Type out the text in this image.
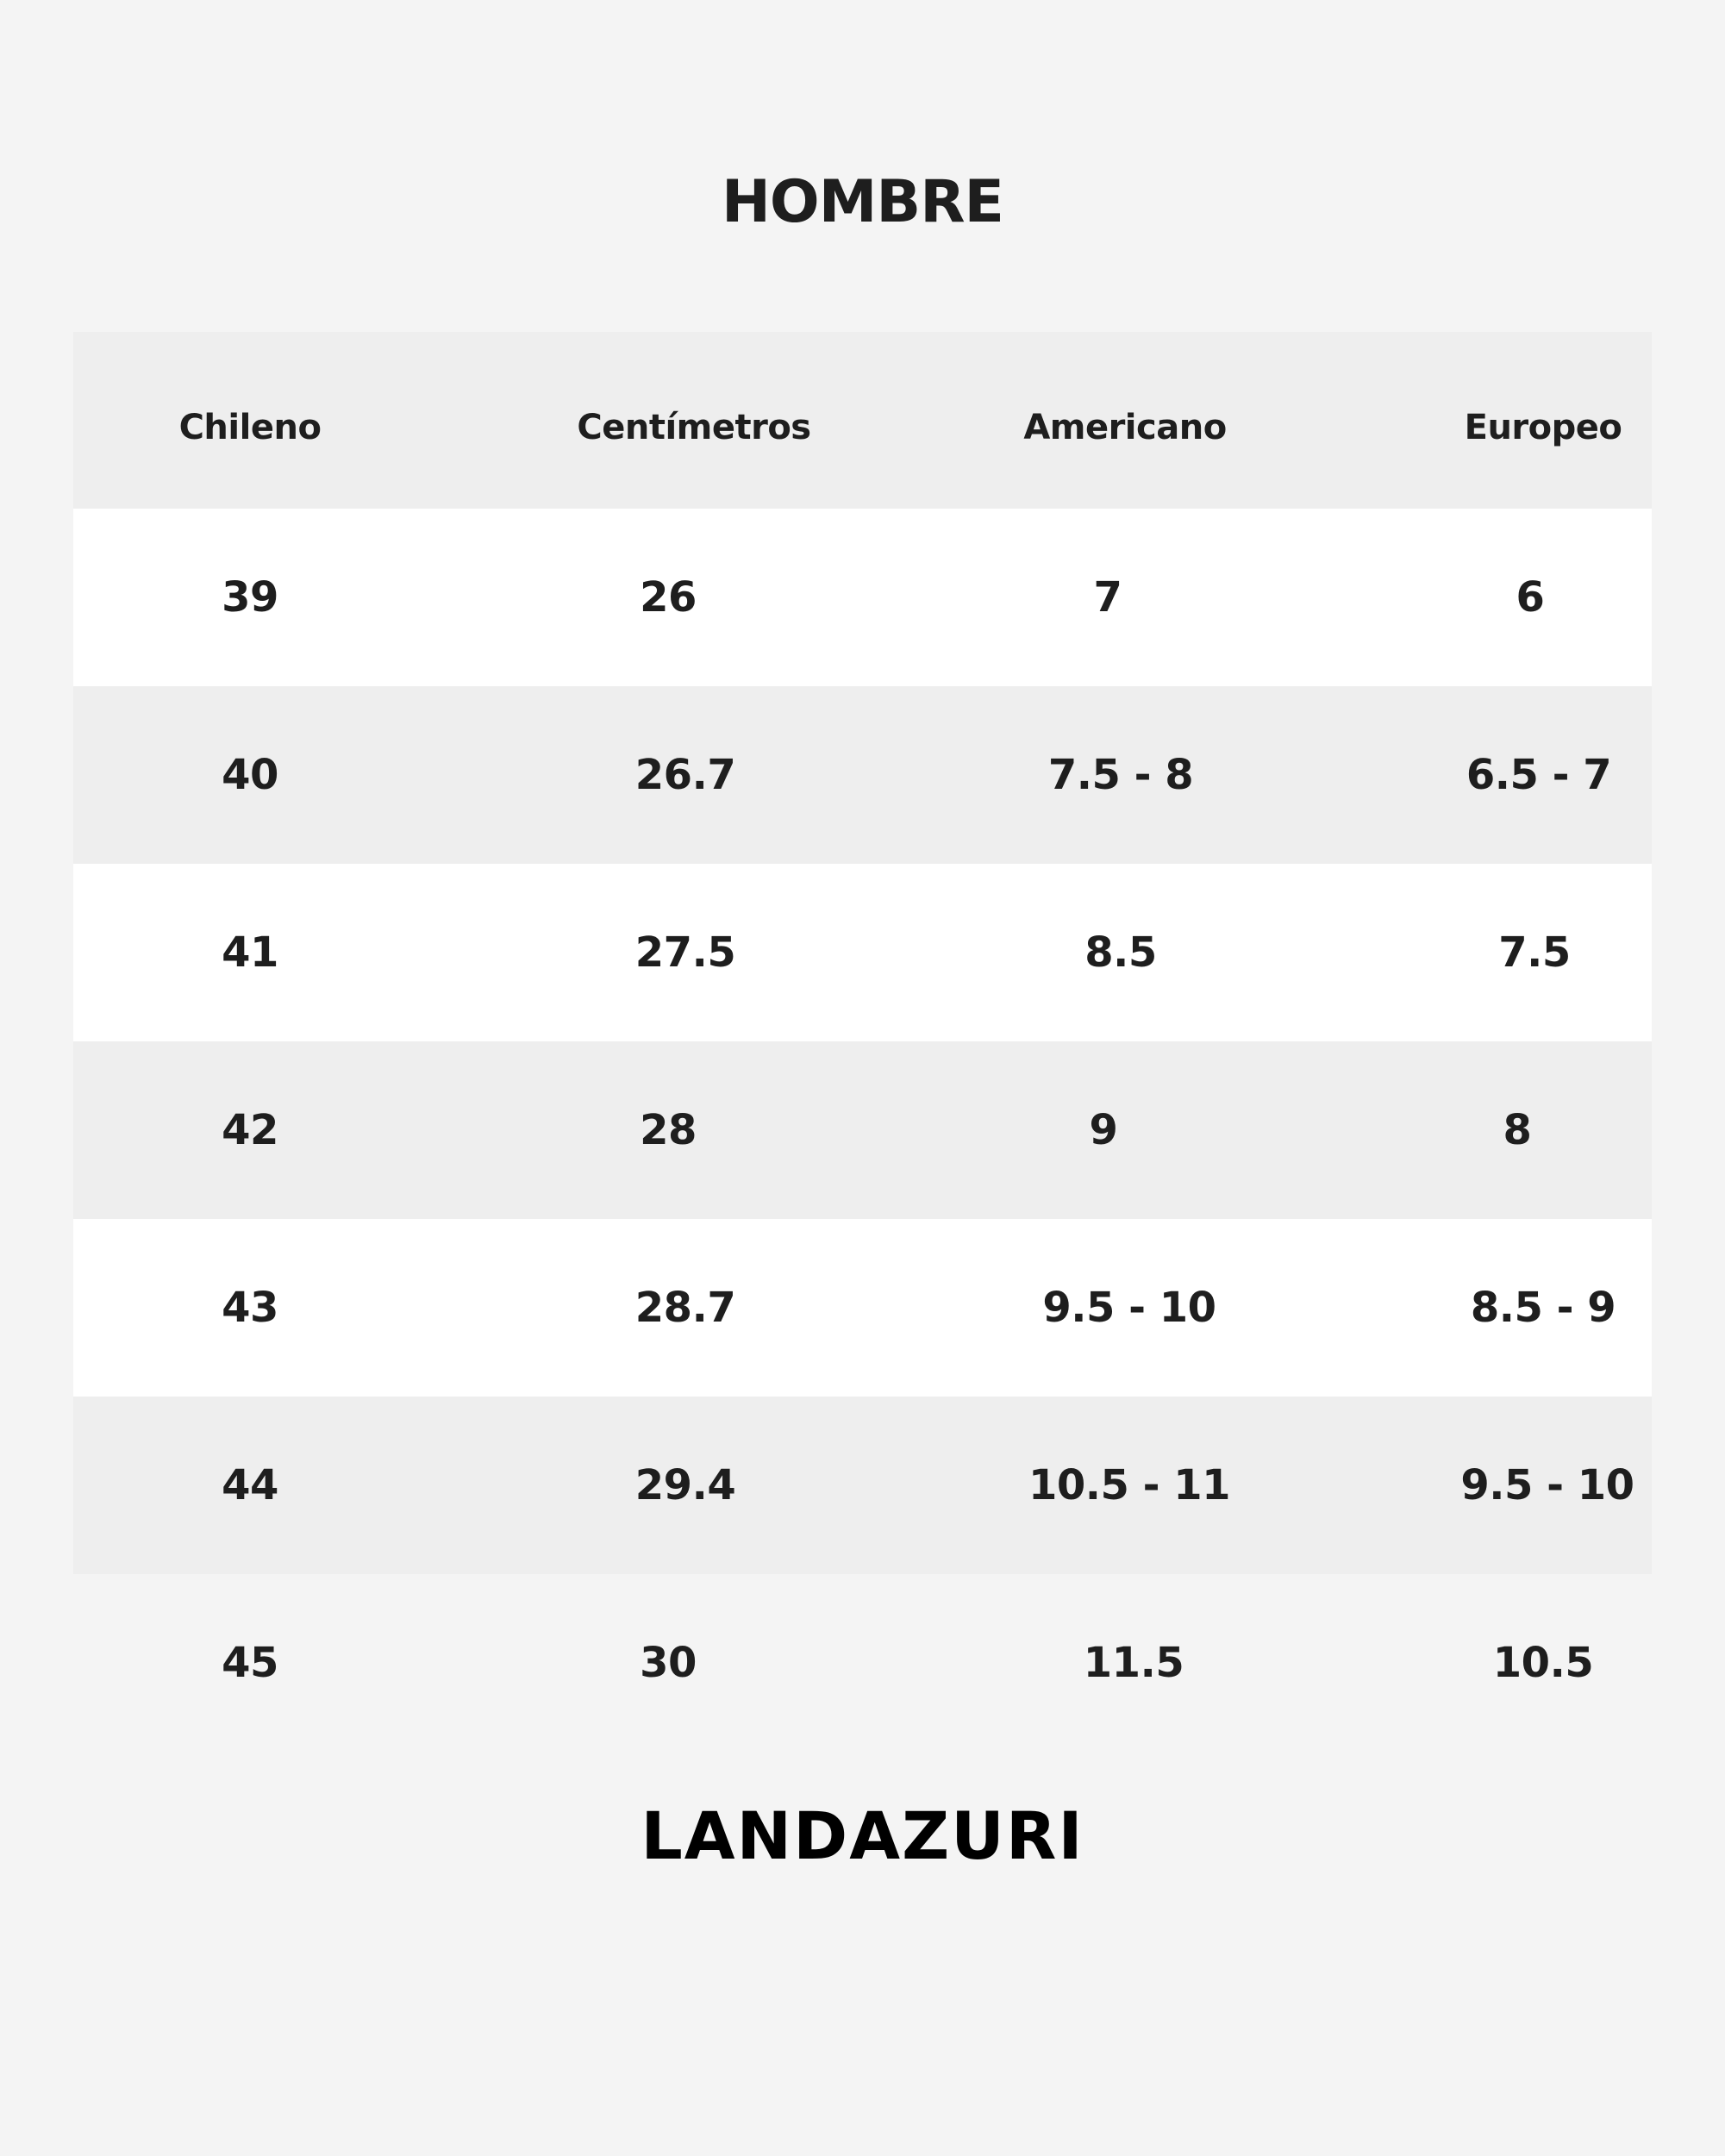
HOMBRE
Chileno	Centímetros	Americano	Europeo
39	26	7	6
40	26.7	7.5 - 8	6.5 - 7
41	27.5	8.5	7.5
42	28	9	8
43	28.7	9.5 - 10	8.5 - 9
44	29.4	10.5 - 11	9.5 - 10
45	30	11.5	10.5
LANDAZURI
